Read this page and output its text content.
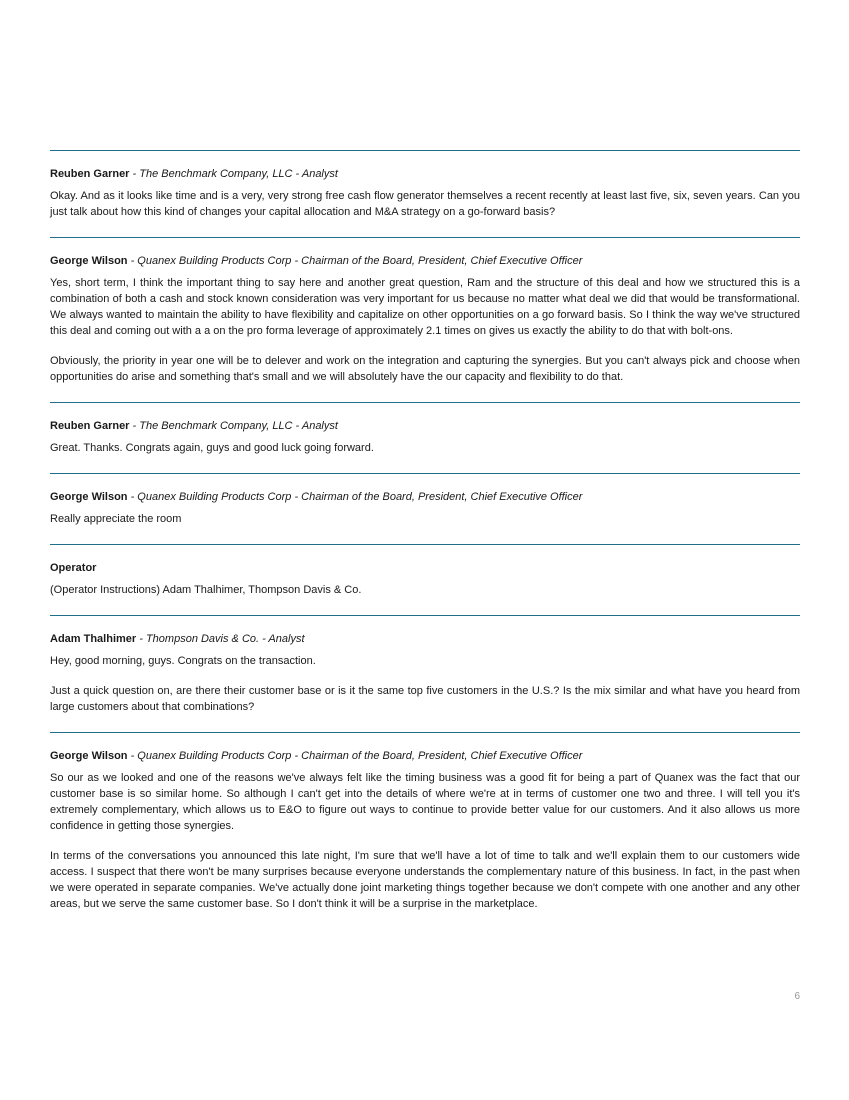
Reuben Garner - The Benchmark Company, LLC - Analyst

Okay. And as it looks like time and is a very, very strong free cash flow generator themselves a recent recently at least last five, six, seven years. Can you just talk about how this kind of changes your capital allocation and M&A strategy on a go-forward basis?

George Wilson - Quanex Building Products Corp - Chairman of the Board, President, Chief Executive Officer

Yes, short term, I think the important thing to say here and another great question, Ram and the structure of this deal and how we structured this is a combination of both a cash and stock known consideration was very important for us because no matter what deal we did that would be transformational. We always wanted to maintain the ability to have flexibility and capitalize on other opportunities on a go forward basis. So I think the way we've structured this deal and coming out with a a on the pro forma leverage of approximately 2.1 times on gives us exactly the ability to do that with bolt-ons.

Obviously, the priority in year one will be to delever and work on the integration and capturing the synergies. But you can't always pick and choose when opportunities do arise and something that's small and we will absolutely have the our capacity and flexibility to do that.

Reuben Garner - The Benchmark Company, LLC - Analyst

Great. Thanks. Congrats again, guys and good luck going forward.

George Wilson - Quanex Building Products Corp - Chairman of the Board, President, Chief Executive Officer

Really appreciate the room

Operator

(Operator Instructions) Adam Thalhimer, Thompson Davis & Co.

Adam Thalhimer - Thompson Davis & Co. - Analyst

Hey, good morning, guys. Congrats on the transaction.

Just a quick question on, are there their customer base or is it the same top five customers in the U.S.? Is the mix similar and what have you heard from large customers about that combinations?

George Wilson - Quanex Building Products Corp - Chairman of the Board, President, Chief Executive Officer

So our as we looked and one of the reasons we've always felt like the timing business was a good fit for being a part of Quanex was the fact that our customer base is so similar home. So although I can't get into the details of where we're at in terms of customer one two and three. I will tell you it's extremely complementary, which allows us to E&O to figure out ways to continue to provide better value for our customers. And it also allows us more confidence in getting those synergies.

In terms of the conversations you announced this late night, I'm sure that we'll have a lot of time to talk and we'll explain them to our customers wide access. I suspect that there won't be many surprises because everyone understands the complementary nature of this business. In fact, in the past when we were operated in separate companies. We've actually done joint marketing things together because we don't compete with one another and any other areas, but we serve the same customer base. So I don't think it will be a surprise in the marketplace.

6
